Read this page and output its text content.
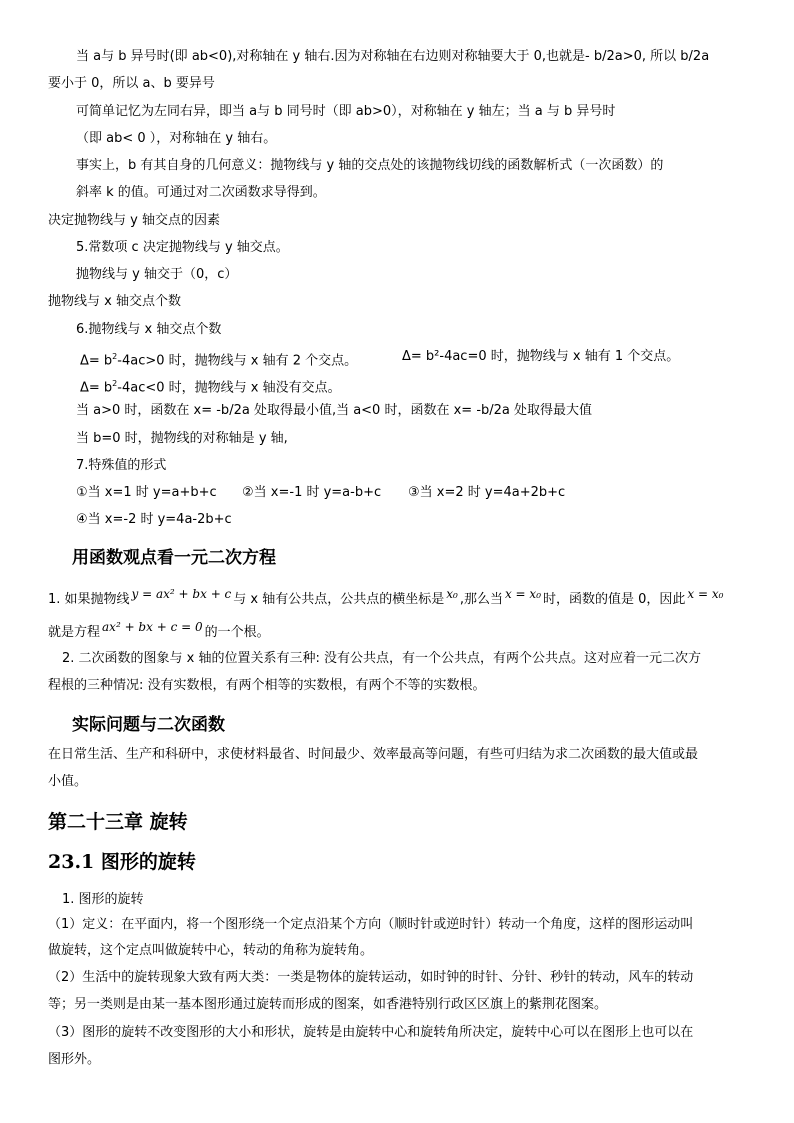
当 a与 b 异号时(即 ab<0),对称轴在 y 轴右.因为对称轴在右边则对称轴要大于 0,也就是- b/2a>0, 所以 b/2a
要小于 0，所以 a、b 要异号
可简单记忆为左同右异，即当 a与 b 同号时（即 ab>0），对称轴在 y 轴左；当 a 与 b 异号时
（即 ab< 0 ），对称轴在 y 轴右。
事实上，b 有其自身的几何意义：抛物线与 y 轴的交点处的该抛物线切线的函数解析式（一次函数）的
斜率 k 的值。可通过对二次函数求导得到。
决定抛物线与 y 轴交点的因素
5.常数项 c 决定抛物线与 y 轴交点。
抛物线与 y 轴交于（0，c）
抛物线与 x 轴交点个数
6.抛物线与 x 轴交点个数
$\Delta= b^2-4ac>0$ 时，抛物线与 x 轴有 2 个交点。	Δ= b²-4ac=0 时，抛物线与 x 轴有 1 个交点。
$\Delta= b^2-4ac<0$ 时，抛物线与 x 轴没有交点。
当 a>0 时，函数在 x= -b/2a 处取得最小值,当 a<0 时，函数在 x= -b/2a 处取得最大值
当 b=0 时，抛物线的对称轴是 y 轴,
7.特殊值的形式
①当 x=1 时 y=a+b+c ②当 x=-1 时 y=a-b+c ③当 x=2 时 y=4a+2b+c
④当 x=-2 时 y=4a-2b+c
用函数观点看一元二次方程
1. 如果抛物线 y = ax² + bx + c 与 x 轴有公共点，公共点的横坐标是 x₀ ,那么当 x = x₀ 时，函数的值是 0，因此 x = x₀
就是方程 ax² + bx + c = 0 的一个根。
2. 二次函数的图象与 x 轴的位置关系有三种: 没有公共点，有一个公共点，有两个公共点。这对应着一元二次方
程根的三种情况: 没有实数根，有两个相等的实数根，有两个不等的实数根。
实际问题与二次函数
在日常生活、生产和科研中，求使材料最省、时间最少、效率最高等问题，有些可归结为求二次函数的最大值或最
小值。
第二十三章 旋转
23.1 图形的旋转
1. 图形的旋转
（1）定义：在平面内，将一个图形绕一个定点沿某个方向（顺时针或逆时针）转动一个角度，这样的图形运动叫
做旋转，这个定点叫做旋转中心，转动的角称为旋转角。
（2）生活中的旋转现象大致有两大类：一类是物体的旋转运动，如时钟的时针、分针、秒针的转动，风车的转动
等；另一类则是由某一基本图形通过旋转而形成的图案，如香港特别行政区区旗上的紫荆花图案。
（3）图形的旋转不改变图形的大小和形状，旋转是由旋转中心和旋转角所决定，旋转中心可以在图形上也可以在
图形外。
